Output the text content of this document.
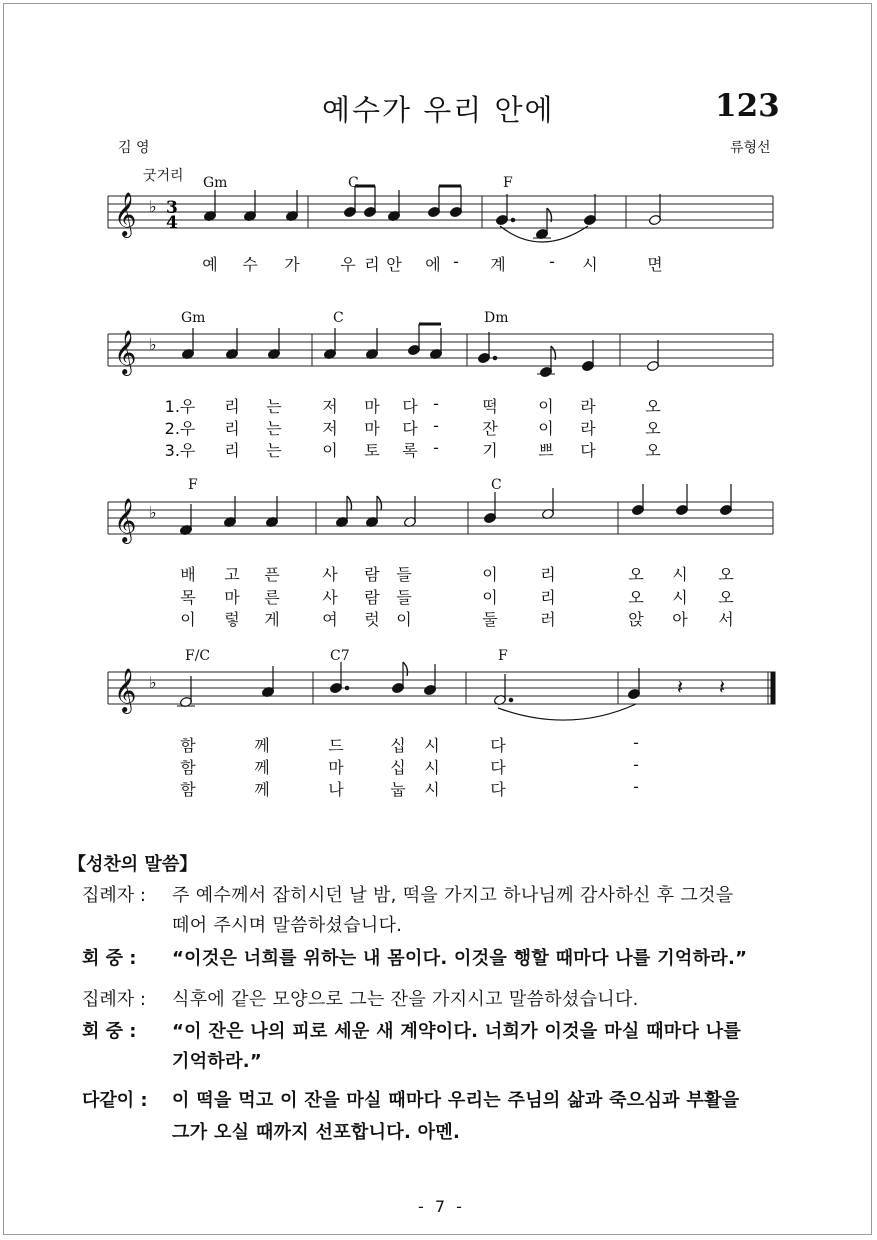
예수가 우리 안에	123
김 영	류형선
굿거리 Gm	C	F
Gm	C	Dm
F	C
F/C	C7	F
𝄞 ♭
𝄞 ♭
𝄞 ♭
𝄞 ♭	𝄽 𝄽
3
4
예 수 가	우 리 안 에 - 계	- 시	면
1.우 리 는	저 마 다 -	떡	이 라	오
2.우 리 는	저 마 다 -	잔	이 라	오
3.우 리 는	이 토 록 -	기	쁘 다	오
배 고 픈	사 람 들	이	리	오 시 오
목 마 른	사 람 들	이	리	오 시 오
이 렇 게	여 럿 이	둘	러	앉 아 서
함	께	드	십 시	다	-
함	께	마	십 시	다	-
함	께	나	눕 시	다	-
【성찬의 말씀】
집례자 : 주 예수께서 잡히시던 날 밤, 떡을 가지고 하나님께 감사하신 후 그것을
떼어 주시며 말씀하셨습니다.
회 중 : “이것은 너희를 위하는 내 몸이다. 이것을 행할 때마다 나를 기억하라.”
집례자 : 식후에 같은 모양으로 그는 잔을 가지시고 말씀하셨습니다.
회 중 : “이 잔은 나의 피로 세운 새 계약이다. 너희가 이것을 마실 때마다 나를
기억하라.”
다같이 : 이 떡을 먹고 이 잔을 마실 때마다 우리는 주님의 삶과 죽으심과 부활을
그가 오실 때까지 선포합니다. 아멘.
- 7 -
